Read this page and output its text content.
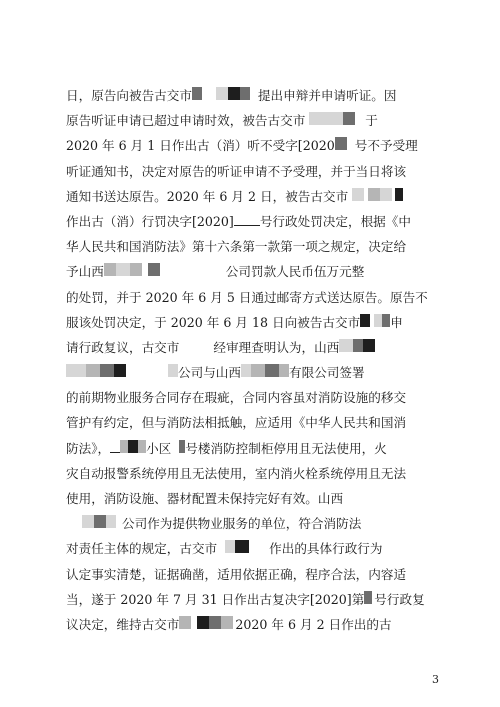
日，原告向被告古交市	提出申辩并申请听证。因
原告听证申请已超过申请时效，被告古交市	于
2020 年 6 月 1 日作出古（消）听不受字[2020 号不予受理
听证通知书，决定对原告的听证申请不予受理，并于当日将该
通知书送达原告。2020 年 6 月 2 日，被告古交市
作出古（消）行罚决字[2020] 号行政处罚决定，根据《中
华人民共和国消防法》第十六条第一款第一项之规定，决定给
予山西	公司罚款人民币伍万元整
的处罚，并于 2020 年 6 月 5 日通过邮寄方式送达原告。原告不
服该处罚决定，于 2020 年 6 月 18 日向被告古交市 申
请行政复议，古交市	经审理查明认为，山西
公司与山西	有限公司签署
的前期物业服务合同存在瑕疵，合同内容虽对消防设施的移交
管护有约定，但与消防法相抵触，应适用《中华人民共和国消
防法》，	小区 号楼消防控制柜停用且无法使用，火
灾自动报警系统停用且无法使用，室内消火栓系统停用且无法
使用，消防设施、器材配置未保持完好有效。山西
公司作为提供物业服务的单位，符合消防法
对责任主体的规定，古交市	作出的具体行政行为
认定事实清楚，证据确凿，适用依据正确，程序合法，内容适
当，遂于 2020 年 7 月 31 日作出古复决字[2020]第 号行政复
议决定，维持古交市	2020 年 6 月 2 日作出的古
3
